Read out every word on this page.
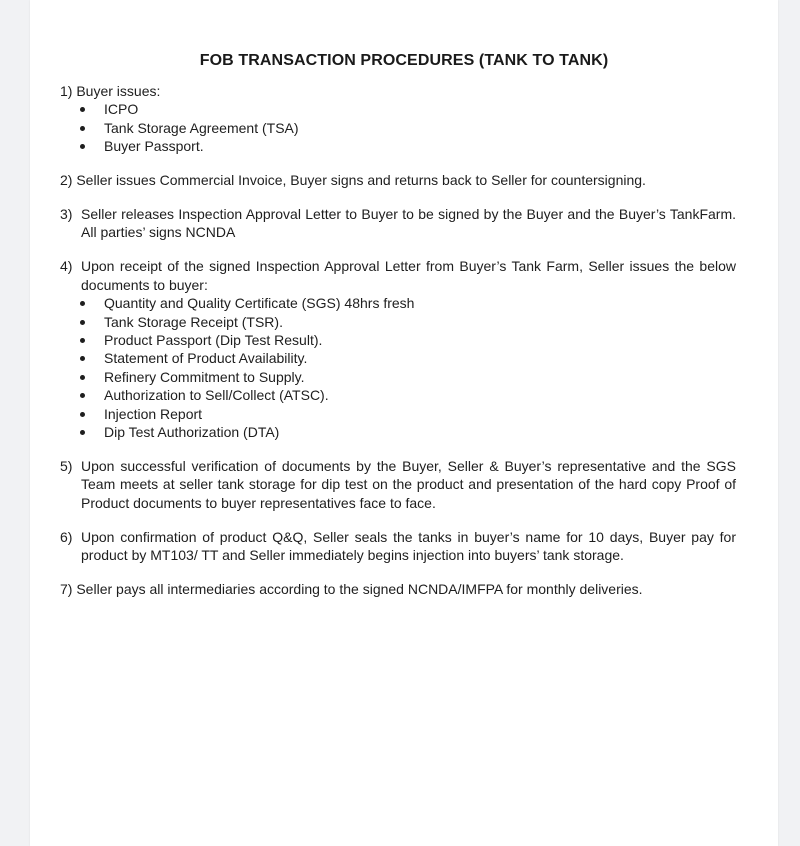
FOB TRANSACTION PROCEDURES (TANK TO TANK)
1)
Buyer issues:
ICPO
Tank Storage Agreement (TSA)
Buyer Passport.
2)
Seller issues Commercial Invoice, Buyer signs and returns back to Seller for countersigning.
3) Seller releases Inspection Approval Letter to Buyer to be signed by the Buyer and the Buyer’s TankFarm. All parties’ signs NCNDA
4) Upon receipt of the signed Inspection Approval Letter from Buyer’s Tank Farm, Seller issues the below documents to buyer:
Quantity and Quality Certificate (SGS) 48hrs fresh
Tank Storage Receipt (TSR).
Product Passport (Dip Test Result).
Statement of Product Availability.
Refinery Commitment to Supply.
Authorization to Sell/Collect (ATSC).
Injection Report
Dip Test Authorization (DTA)
5) Upon successful verification of documents by the Buyer, Seller & Buyer’s representative and the SGS Team meets at seller tank storage for dip test on the product and presentation of the hard copy Proof of Product documents to buyer representatives face to face.
6) Upon confirmation of product Q&Q, Seller seals the tanks in buyer’s name for 10 days, Buyer pay for product by MT103/ TT and Seller immediately begins injection into buyers’ tank storage.
7)
Seller pays all intermediaries according to the signed NCNDA/IMFPA for monthly deliveries.
